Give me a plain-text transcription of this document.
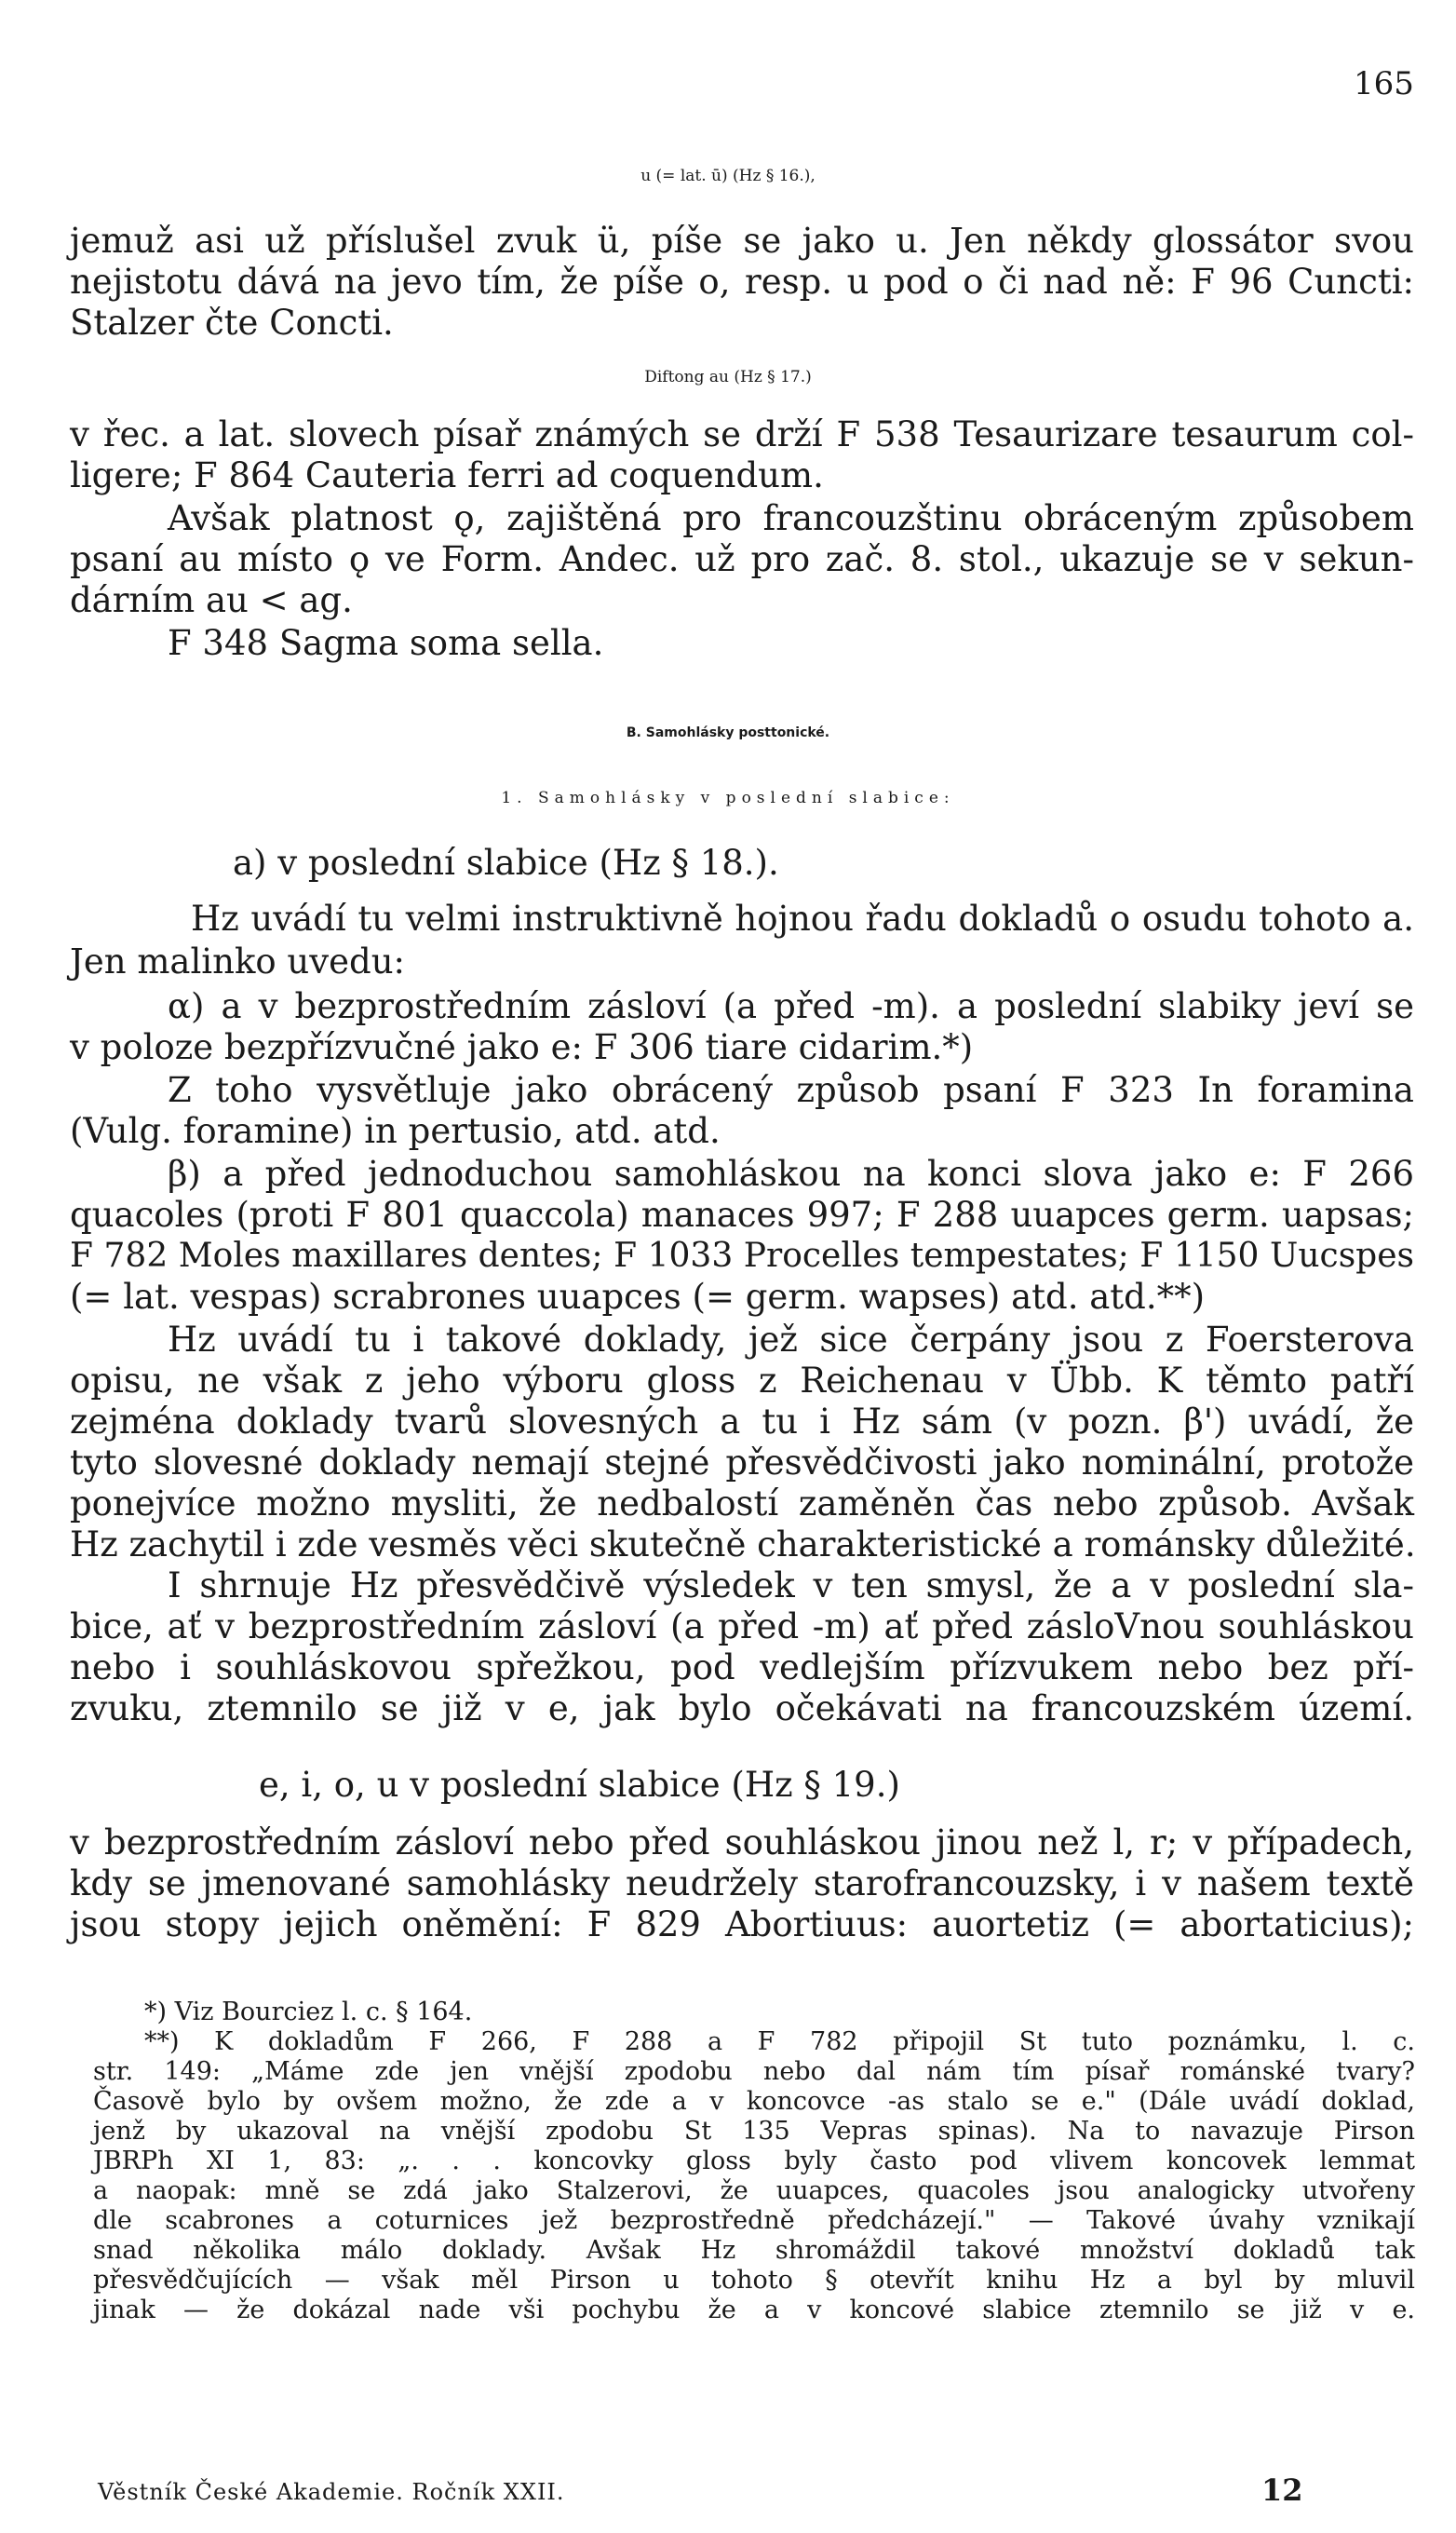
165
u (= lat. ū) (Hz § 16.),
jemuž asi už příslušel zvuk ü, píše se jako u. Jen někdy glossátor svou
nejistotu dává na jevo tím, že píše o, resp. u pod o či nad ně: F 96 Cuncti:
Stalzer čte Concti.
Diftong au (Hz § 17.)
v řec. a lat. slovech písař známých se drží F 538 Tesaurizare tesaurum col-
ligere; F 864 Cauteria ferri ad coquendum.
Avšak platnost ǫ, zajištěná pro francouzštinu obráceným způsobem
psaní au místo ǫ ve Form. Andec. už pro zač. 8. stol., ukazuje se v sekun-
dárním au < ag.
F 348 Sagma soma sella.
B. Samohlásky posttonické.
1. Samohlásky v poslední slabice:
a) v poslední slabice (Hz § 18.).
Hz uvádí tu velmi instruktivně hojnou řadu dokladů o osudu tohoto a.
Jen malinko uvedu:
α) a v bezprostředním zásloví (a před -m). a poslední slabiky jeví se
v poloze bezpřízvučné jako e: F 306 tiare cidarim.*)
Z toho vysvětluje jako obrácený způsob psaní F 323 In foramina
(Vulg. foramine) in pertusio, atd. atd.
β) a před jednoduchou samohláskou na konci slova jako e: F 266
quacoles (proti F 801 quaccola) manaces 997; F 288 uuapces germ. uapsas;
F 782 Moles maxillares dentes; F 1033 Procelles tempestates; F 1150 Uucspes
(= lat. vespas) scrabrones uuapces (= germ. wapses) atd. atd.**)
Hz uvádí tu i takové doklady, jež sice čerpány jsou z Foersterova
opisu, ne však z jeho výboru gloss z Reichenau v Übb. K těmto patří
zejména doklady tvarů slovesných a tu i Hz sám (v pozn. β') uvádí, že
tyto slovesné doklady nemají stejné přesvědčivosti jako nominální, protože
ponejvíce možno mysliti, že nedbalostí zaměněn čas nebo způsob. Avšak
Hz zachytil i zde vesměs věci skutečně charakteristické a románsky důležité.
I shrnuje Hz přesvědčivě výsledek v ten smysl, že a v poslední sla-
bice, ať v bezprostředním zásloví (a před -m) ať před zásloVnou souhláskou
nebo i souhláskovou spřežkou, pod vedlejším přízvukem nebo bez pří-
zvuku, ztemnilo se již v e, jak bylo očekávati na francouzském území.
e, i, o, u v poslední slabice (Hz § 19.)
v bezprostředním zásloví nebo před souhláskou jinou než l, r; v případech,
kdy se jmenované samohlásky neudržely starofrancouzsky, i v našem textě
jsou stopy jejich oněmění: F 829 Abortiuus: auortetiz (= abortaticius);
*) Viz Bourciez l. c. § 164.
**) K dokladům F 266, F 288 a F 782 připojil St tuto poznámku, l. c.
str. 149: „Máme zde jen vnější zpodobu nebo dal nám tím písař románské tvary?
Časově bylo by ovšem možno, že zde a v koncovce -as stalo se e." (Dále uvádí doklad,
jenž by ukazoval na vnější zpodobu St 135 Vepras spinas). Na to navazuje Pirson
JBRPh XI 1, 83: „. . . koncovky gloss byly často pod vlivem koncovek lemmat
a naopak: mně se zdá jako Stalzerovi, že uuapces, quacoles jsou analogicky utvořeny
dle scabrones a coturnices jež bezprostředně předcházejí." — Takové úvahy vznikají
snad několika málo doklady. Avšak Hz shromáždil takové množství dokladů tak
přesvědčujících — však měl Pirson u tohoto § otevřít knihu Hz a byl by mluvil
jinak — že dokázal nade vši pochybu že a v koncové slabice ztemnilo se již v e.
Věstník České Akademie. Ročník XXII.	12
